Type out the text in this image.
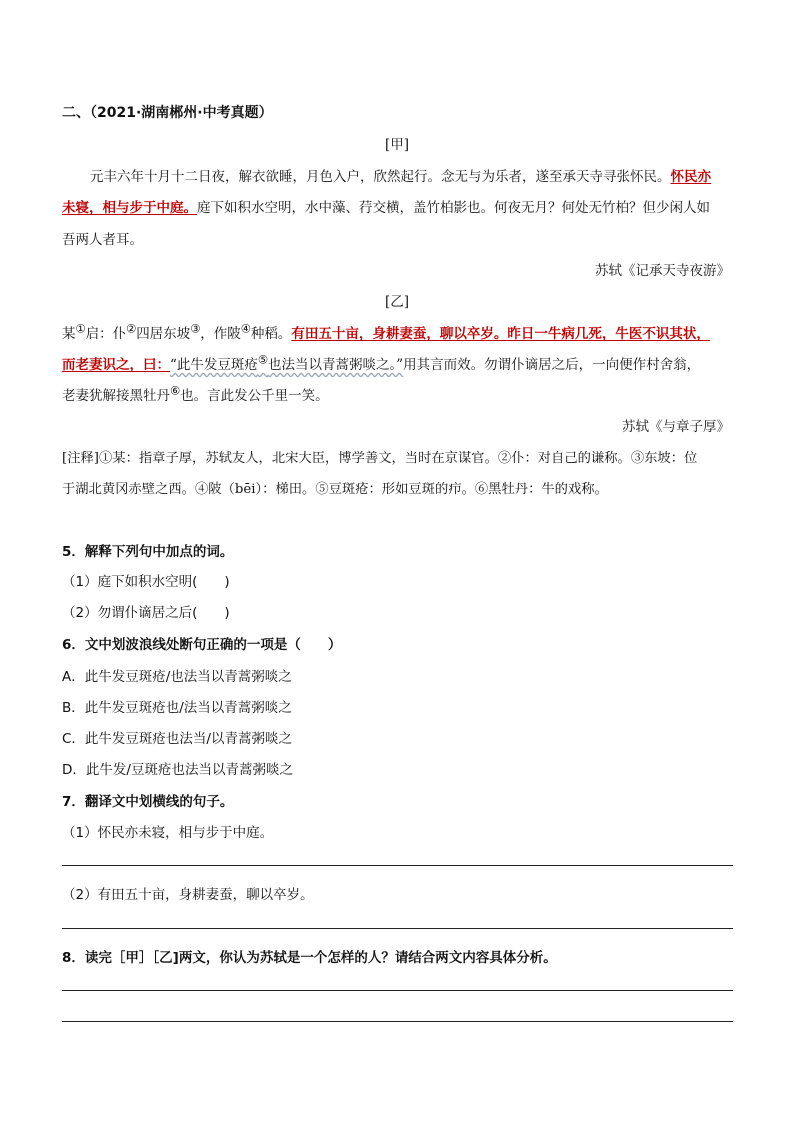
二、（2021·湖南郴州·中考真题）
[甲]
元丰六年十月十二日夜，解衣欲睡，月色入户，欣然起行。念无与为乐者，遂至承天寺寻张怀民。怀民亦
未寝，相与步于中庭。庭下如积水空明，水中藻、荇交横，盖竹柏影也。何夜无月？何处无竹柏？但少闲人如
吾两人者耳。
苏轼《记承天寺夜游》
[乙]
某①启：仆②四居东坡③，作陂④种稻。有田五十亩，身耕妻蚕，聊以卒岁。昨日一牛病几死，牛医不识其状，
而老妻识之，曰：“此牛发豆斑疮⑤也法当以青蒿粥啖之。”用其言而效。勿谓仆谪居之后，一向便作村舍翁，
老妻犹解接黑牡丹⑥也。言此发公千里一笑。
苏轼《与章子厚》
[注释]①某：指章子厚，苏轼友人，北宋大臣，博学善文，当时在京谋官。②仆：对自己的谦称。③东坡：位
于湖北黄冈赤壁之西。④陂（bēi）：梯田。⑤豆斑疮：形如豆斑的疖。⑥黑牡丹：牛的戏称。
5．解释下列句中加点的词。
（1）庭下如积水空明(　　)
（2）勿谓仆谪居之后(　　)
6．文中划波浪线处断句正确的一项是（　　）
A．此牛发豆斑疮/也法当以青蒿粥啖之
B．此牛发豆斑疮也/法当以青蒿粥啖之
C．此牛发豆斑疮也法当/以青蒿粥啖之
D．此牛发/豆斑疮也法当以青蒿粥啖之
7．翻译文中划横线的句子。
（1）怀民亦未寝，相与步于中庭。
（2）有田五十亩，身耕妻蚕，聊以卒岁。
8．读完［甲］［乙]两文，你认为苏轼是一个怎样的人？请结合两文内容具体分析。
